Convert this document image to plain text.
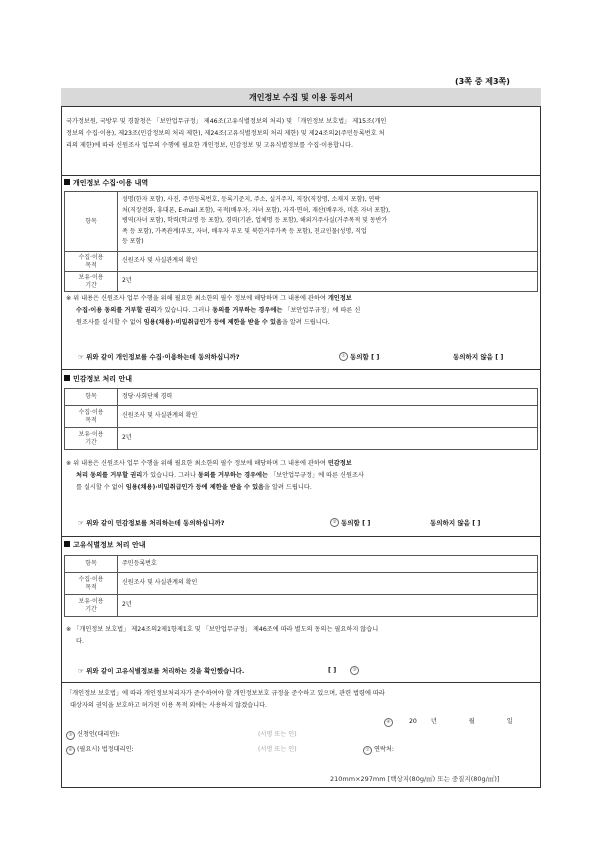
(3쪽 중 제3쪽)
개인정보 수집 및 이용 동의서
국가정보원, 국방부 및 경찰청은 「보안업무규정」 제46조(고유식별정보의 처리) 및 「개인정보 보호법」 제15조(개인
정보의 수집·이용), 제23조(민감정보의 처리 제한), 제24조(고유식별정보의 처리 제한) 및 제24조의2(주민등록번호 처
리의 제한)에 따라 신원조사 업무의 수행에 필요한 개인정보, 민감정보 및 고유식별정보를 수집·이용합니다.
개인정보 수집·이용 내역
항목	성명(한자 포함), 사진, 주민등록번호, 등록기준지, 주소, 실거주지, 직장(직장명, 소재지 포함), 연락
처(직장전화, 휴대폰, E-mail 포함), 국적(배우자, 자녀 포함), 자격·면허, 재산(배우자, 미혼 자녀 포함),
병역(자녀 포함), 학력(학교명 등 포함), 경력(기관, 업체명 등 포함), 해외거주사실(거주목적 및 동반가
족 등 포함), 가족관계(부모, 자녀, 배우자 부모 및 북한거주가족 등 포함), 친교인물(성명, 직업
등 포함)

수집·이용
목적	신원조사 및 사실관계의 확인

보유·이용
기간	2년
※ 위 내용은 신원조사 업무 수행을 위해 필요한 최소한의 필수 정보에 해당하며 그 내용에 관하여 개인정보
수집·이용 동의를 거부할 권리가 있습니다. 그러나 동의를 거부하는 경우에는 「보안업무규정」에 따른 신
원조사를 실시할 수 없어 임용(채용)·비밀취급인가 등에 제한을 받을 수 있음을 알려 드립니다.
☞ 위와 같이 개인정보를 수집·이용하는데 동의하십니까?	① 동의함 [ ]	동의하지 않음 [ ]
민감정보 처리 안내
항목	정당·사회단체 경력

수집·이용
목적	신원조사 및 사실관계의 확인

보유·이용
기간	2년
※ 위 내용은 신원조사 업무 수행을 위해 필요한 최소한의 필수 정보에 해당하며 그 내용에 관하여 민감정보
처리 동의를 거부할 권리가 있습니다. 그러나 동의를 거부하는 경우에는 「보안업무규정」에 따른 신원조사
를 실시할 수 없어 임용(채용)·비밀취급인가 등에 제한을 받을 수 있음을 알려 드립니다.
☞ 위와 같이 민감정보를 처리하는데 동의하십니까?	② 동의함 [ ]	동의하지 않음 [ ]
고유식별정보 처리 안내
항목	주민등록번호

수집·이용
목적	신원조사 및 사실관계의 확인

보유·이용
기간	2년
※ 「개인정보 보호법」 제24조의2제1항제1호 및 「보안업무규정」 제46조에 따라 별도의 동의는 필요하지 않습니
다.
☞ 위와 같이 고유식별정보를 처리하는 것을 확인했습니다.	[ ]	③
「개인정보 보호법」에 따라 개인정보처리자가 준수하여야 할 개인정보보호 규정을 준수하고 있으며, 관련 법령에 따라
대상자의 권익을 보호하고 허가된 이용 목적 외에는 사용하지 않겠습니다.
④	20 년	월	일
⑤ 신청인(대리인):	(서명 또는 인)
⑥ (필요시) 법정대리인:	(서명 또는 인)	⑦ 연락처:
210mm×297mm [백상지(80g/㎡) 또는 중질지(80g/㎡)]
